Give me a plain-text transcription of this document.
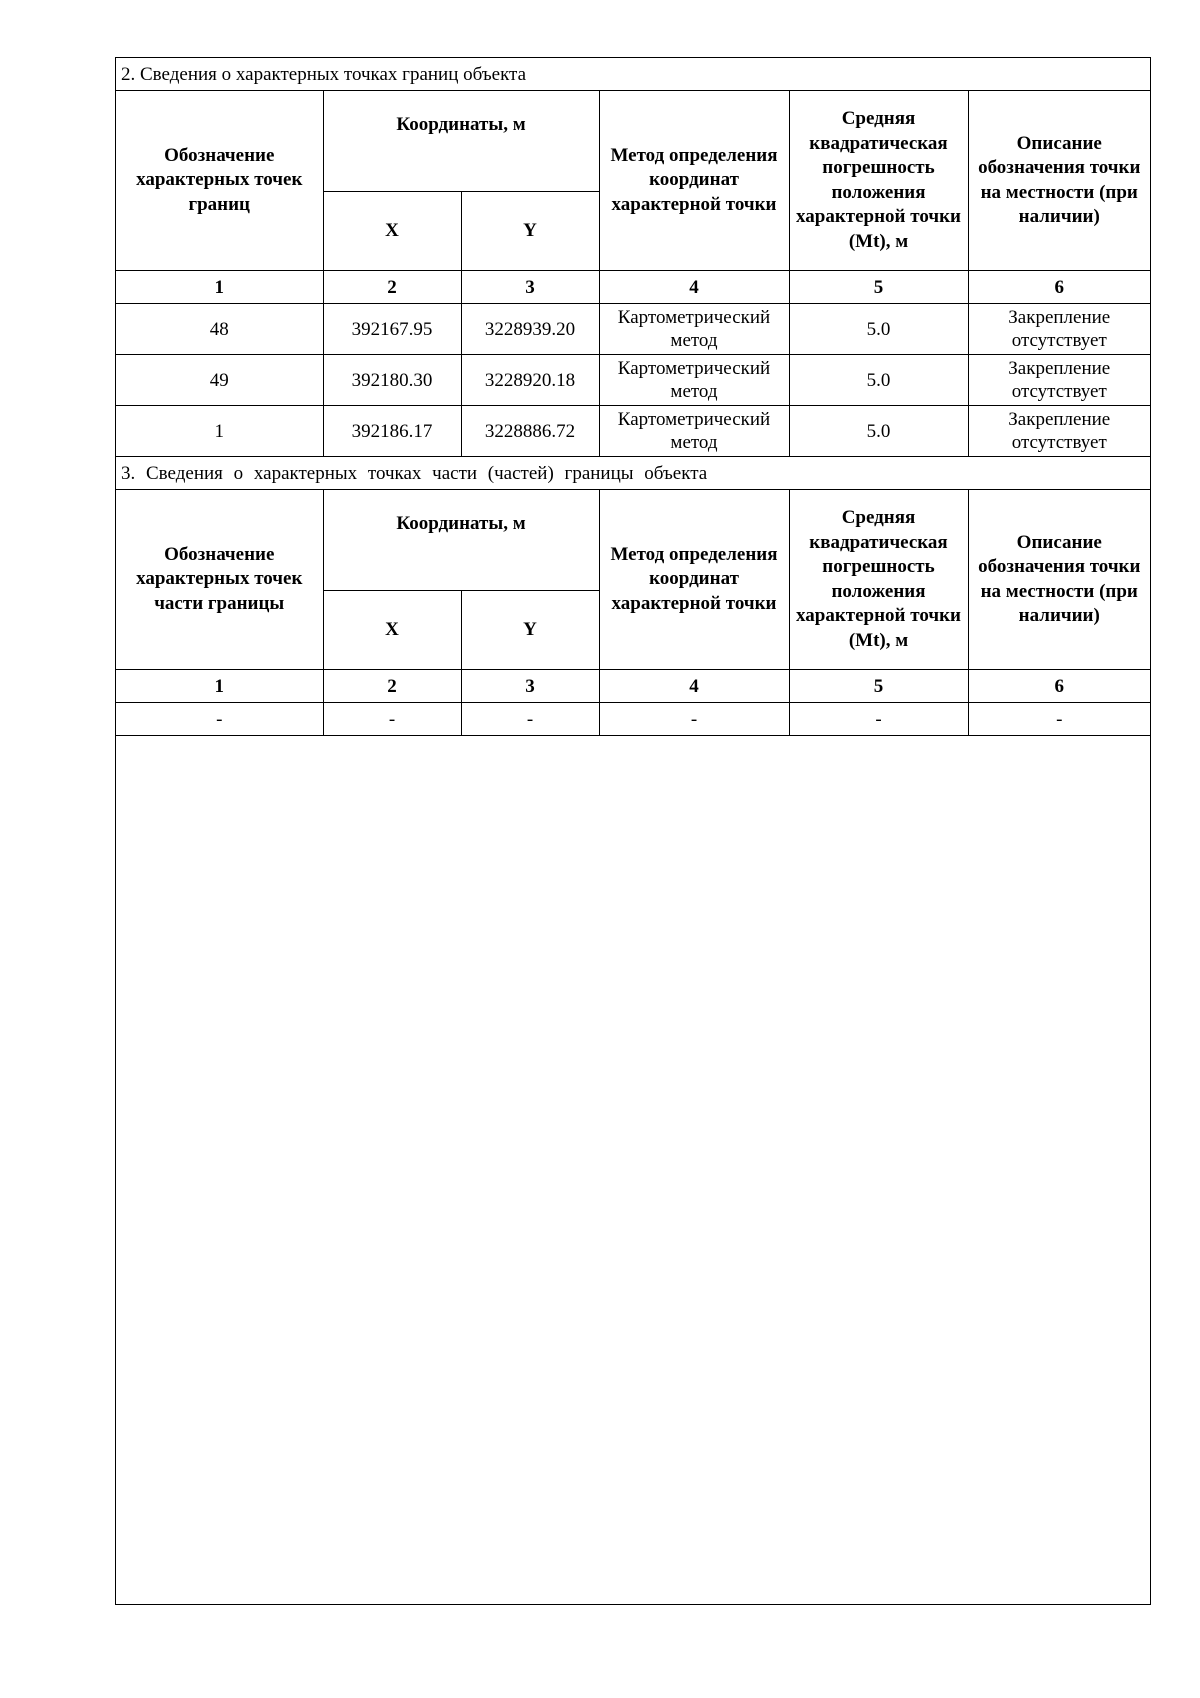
2. Сведения о характерных точках границ объекта					
Обозначение характерных точек границ	Координаты, м		Метод определения координат характерной точки	Средняя квадратическая погрешность положения характерной точки (Mt), м	Описание обозначения точки на местности (при наличии)
	X	Y			
1	2	3	4	5	6
48	392167.95	3228939.20	Картометрический метод	5.0	Закрепление отсутствует
49	392180.30	3228920.18	Картометрический метод	5.0	Закрепление отсутствует
1	392186.17	3228886.72	Картометрический метод	5.0	Закрепление отсутствует
3. Сведения о характерных точках части (частей) границы объекта					
Обозначение характерных точек части границы	Координаты, м		Метод определения координат характерной точки	Средняя квадратическая погрешность положения характерной точки (Mt), м	Описание обозначения точки на местности (при наличии)
	X	Y			
1	2	3	4	5	6
-	-	-	-	-	-
